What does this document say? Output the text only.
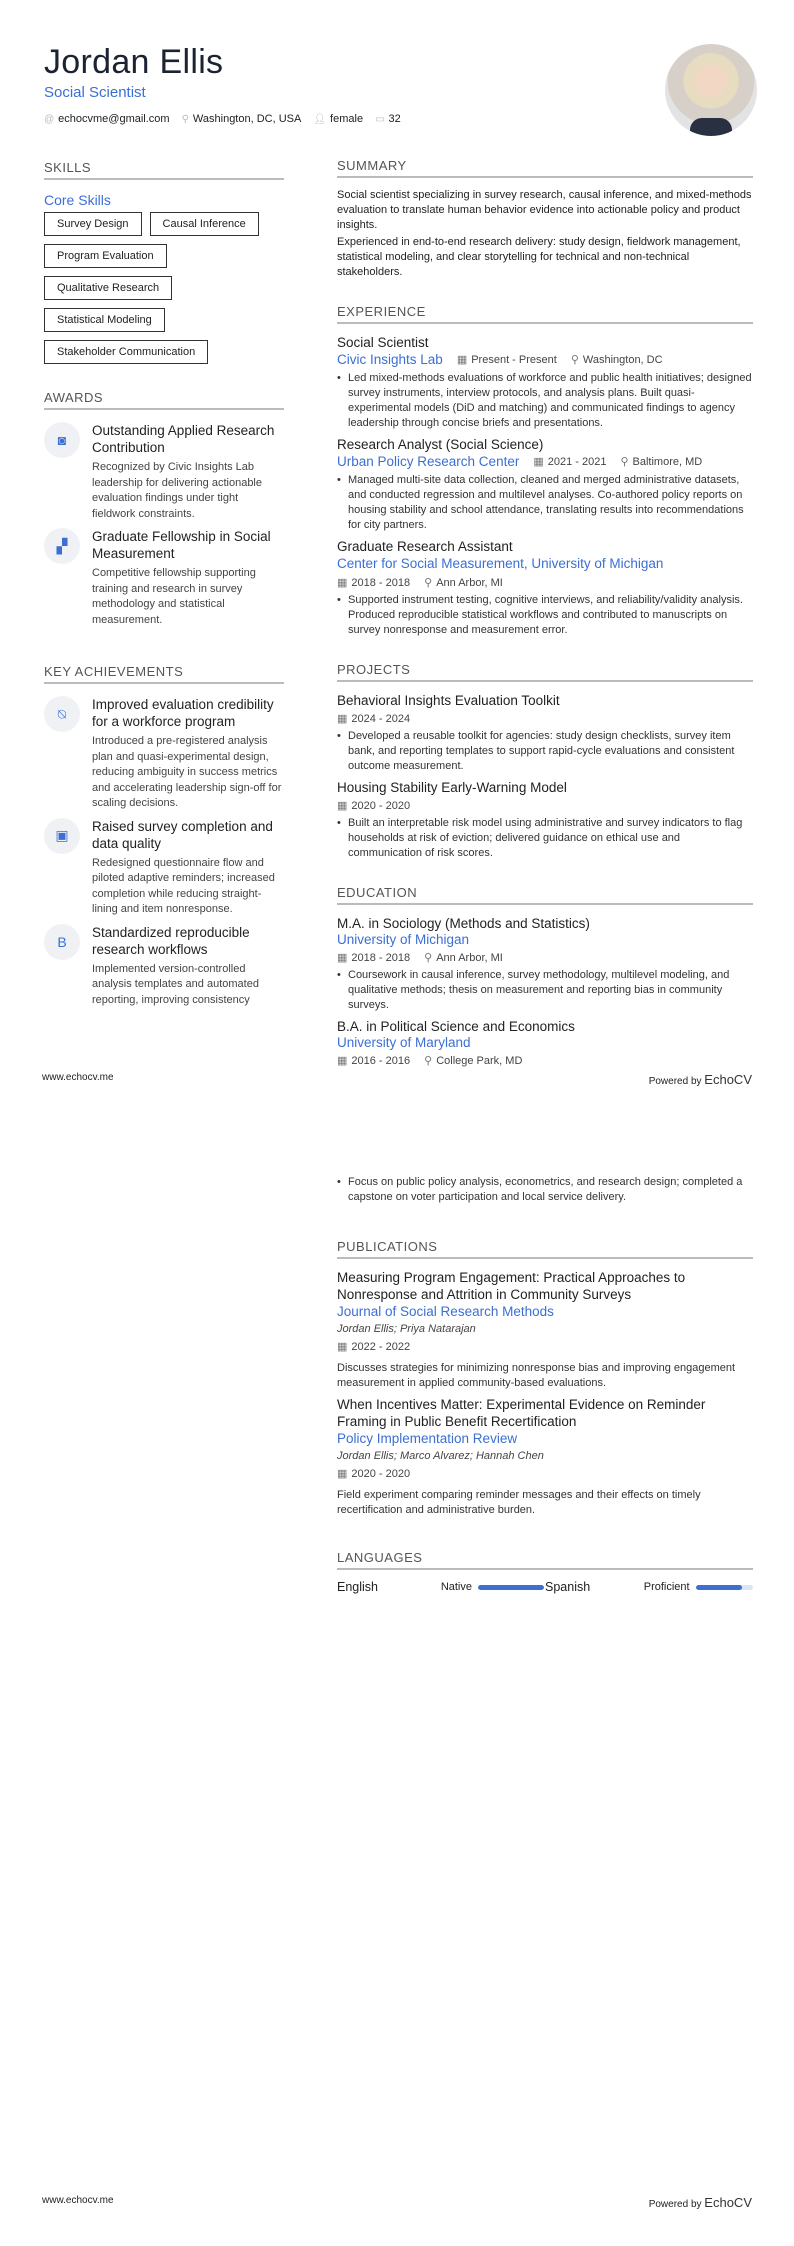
Jordan Ellis
Social Scientist
@ echocvme@gmail.com ⚲ Washington, DC, USA 👤︎ female ▭ 32
SKILLS
Core Skills
Survey Design	Causal Inference
Program Evaluation
Qualitative Research
Statistical Modeling
Stakeholder Communication
AWARDS
◙
Outstanding Applied Research Contribution
Recognized by Civic Insights Lab leadership for delivering actionable evaluation findings under tight fieldwork constraints.
▞
Graduate Fellowship in Social Measurement
Competitive fellowship supporting training and research in survey methodology and statistical measurement.
KEY ACHIEVEMENTS
⍉
Improved evaluation credibility for a workforce program
Introduced a pre-registered analysis plan and quasi-experimental design, reducing ambiguity in success metrics and accelerating leadership sign-off for scaling decisions.
▣
Raised survey completion and data quality
Redesigned questionnaire flow and piloted adaptive reminders; increased completion while reducing straight-lining and item nonresponse.
B
Standardized reproducible research workflows
Implemented version-controlled analysis templates and automated reporting, improving consistency
SUMMARY

Social scientist specializing in survey research, causal inference, and mixed-methods evaluation to translate human behavior evidence into actionable policy and product insights.

Experienced in end-to-end research delivery: study design, fieldwork management, statistical modeling, and clear storytelling for technical and non-technical stakeholders.

EXPERIENCE
Social Scientist
Civic Insights Lab ▦ Present - Present ⚲ Washington, DC
• Led mixed-methods evaluations of workforce and public health initiatives; designed survey instruments, interview protocols, and analysis plans. Built quasi-experimental models (DiD and matching) and communicated findings to agency leadership through concise briefs and presentations.
Research Analyst (Social Science)
Urban Policy Research Center ▦ 2021 - 2021 ⚲ Baltimore, MD
• Managed multi-site data collection, cleaned and merged administrative datasets, and conducted regression and multilevel analyses. Co-authored policy reports on housing stability and school attendance, translating results into recommendations for city partners.
Graduate Research Assistant
Center for Social Measurement, University of Michigan
▦ 2018 - 2018 ⚲ Ann Arbor, MI
• Supported instrument testing, cognitive interviews, and reliability/validity analysis. Produced reproducible statistical workflows and contributed to manuscripts on survey nonresponse and measurement error.
PROJECTS
Behavioral Insights Evaluation Toolkit
▦ 2024 - 2024
• Developed a reusable toolkit for agencies: study design checklists, survey item bank, and reporting templates to support rapid-cycle evaluations and consistent outcome measurement.
Housing Stability Early-Warning Model
▦ 2020 - 2020
• Built an interpretable risk model using administrative and survey indicators to flag households at risk of eviction; delivered guidance on ethical use and communication of risk scores.
EDUCATION
M.A. in Sociology (Methods and Statistics)
University of Michigan
▦ 2018 - 2018 ⚲ Ann Arbor, MI
• Coursework in causal inference, survey methodology, multilevel modeling, and qualitative methods; thesis on measurement and reporting bias in community surveys.
B.A. in Political Science and Economics
University of Maryland
▦ 2016 - 2016 ⚲ College Park, MD
www.echocv.me	Powered by EchoCV
• Focus on public policy analysis, econometrics, and research design; completed a capstone on voter participation and local service delivery.
PUBLICATIONS
Measuring Program Engagement: Practical Approaches to Nonresponse and Attrition in Community Surveys
Journal of Social Research Methods
Jordan Ellis; Priya Natarajan
▦ 2022 - 2022

Discusses strategies for minimizing nonresponse bias and improving engagement measurement in applied community-based evaluations.

When Incentives Matter: Experimental Evidence on Reminder Framing in Public Benefit Recertification
Policy Implementation Review
Jordan Ellis; Marco Alvarez; Hannah Chen
▦ 2020 - 2020

Field experiment comparing reminder messages and their effects on timely recertification and administrative burden.

LANGUAGES
English	Native	Spanish	Proficient
www.echocv.me	Powered by EchoCV
